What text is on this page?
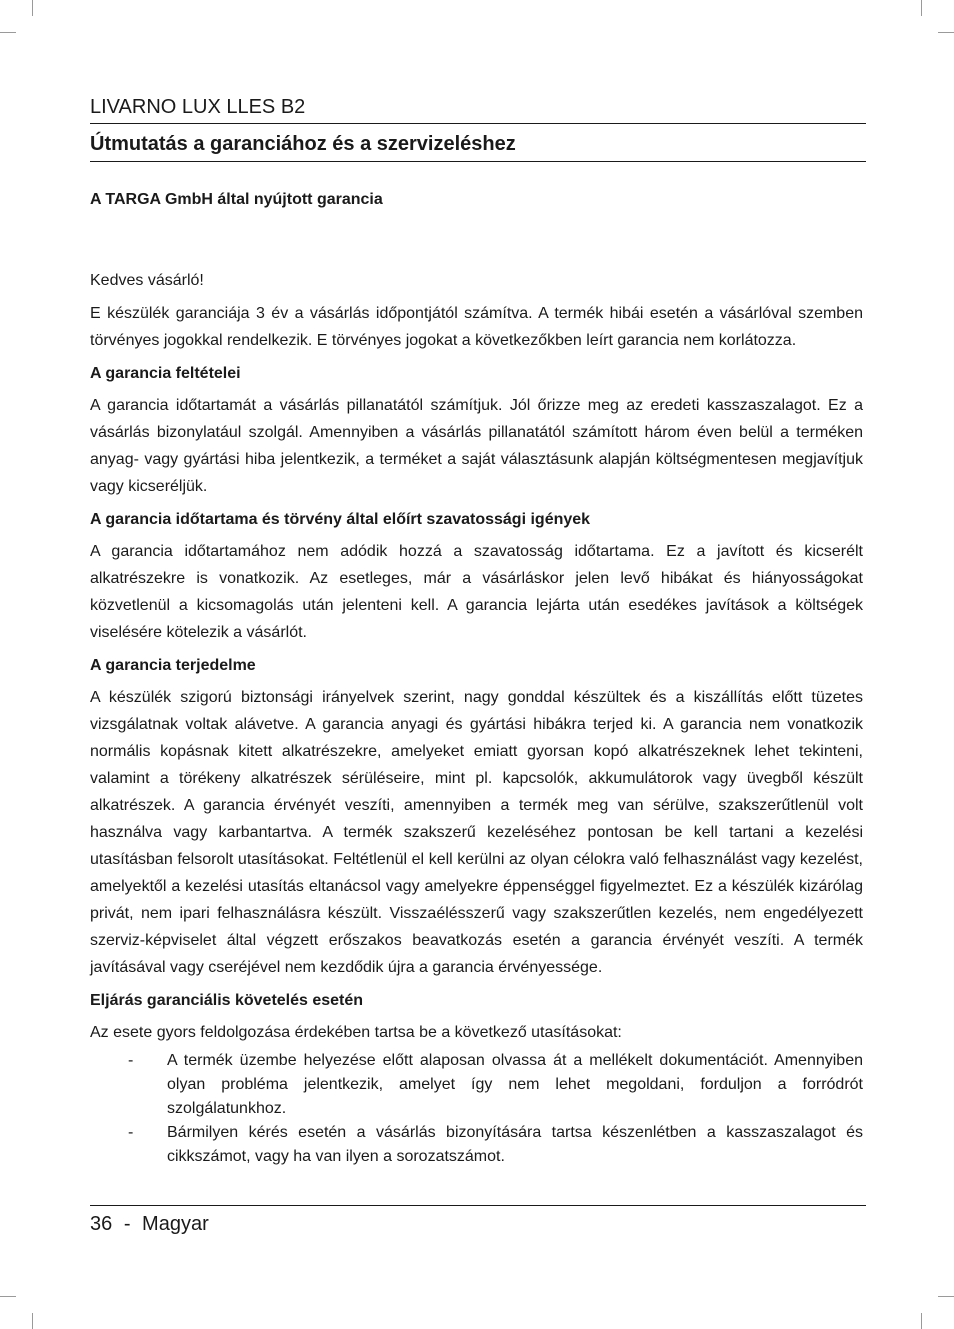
LIVARNO LUX LLES B2
Útmutatás a garanciához és a szervizeléshez
A TARGA GmbH által nyújtott garancia

Kedves vásárló!

E készülék garanciája 3 év a vásárlás időpontjától számítva. A termék hibái esetén a vásárlóval szemben törvényes jogokkal rendelkezik. E törvényes jogokat a következőkben leírt garancia nem korlátozza.

A garancia feltételei

A garancia időtartamát a vásárlás pillanatától számítjuk. Jól őrizze meg az eredeti kasszaszalagot. Ez a vásárlás bizonylatául szolgál. Amennyiben a vásárlás pillanatától számított három éven belül a terméken anyag- vagy gyártási hiba jelentkezik, a terméket a saját választásunk alapján költségmentesen megjavítjuk vagy kicseréljük.

A garancia időtartama és törvény által előírt szavatossági igények

A garancia időtartamához nem adódik hozzá a szavatosság időtartama. Ez a javított és kicserélt alkatrészekre is vonatkozik. Az esetleges, már a vásárláskor jelen levő hibákat és hiányosságokat közvetlenül a kicsomagolás után jelenteni kell. A garancia lejárta után esedékes javítások a költségek viselésére kötelezik a vásárlót.

A garancia terjedelme

A készülék szigorú biztonsági irányelvek szerint, nagy gonddal készültek és a kiszállítás előtt tüzetes vizsgálatnak voltak alávetve. A garancia anyagi és gyártási hibákra terjed ki. A garancia nem vonatkozik normális kopásnak kitett alkatrészekre, amelyeket emiatt gyorsan kopó alkatrészeknek lehet tekinteni, valamint a törékeny alkatrészek sérüléseire, mint pl. kapcsolók, akkumulátorok vagy üvegből készült alkatrészek. A garancia érvényét veszíti, amennyiben a termék meg van sérülve, szakszerűtlenül volt használva vagy karbantartva. A termék szakszerű kezeléséhez pontosan be kell tartani a kezelési utasításban felsorolt utasításokat. Feltétlenül el kell kerülni az olyan célokra való felhasználást vagy kezelést, amelyektől a kezelési utasítás eltanácsol vagy amelyekre éppenséggel figyelmeztet. Ez a készülék kizárólag privát, nem ipari felhasználásra készült. Visszaélésszerű vagy szakszerűtlen kezelés, nem engedélyezett szerviz-képviselet által végzett erőszakos beavatkozás esetén a garancia érvényét veszíti. A termék javításával vagy cseréjével nem kezdődik újra a garancia érvényessége.

Eljárás garanciális követelés esetén

Az esete gyors feldolgozása érdekében tartsa be a következő utasításokat:

- A termék üzembe helyezése előtt alaposan olvassa át a mellékelt dokumentációt. Amennyiben olyan probléma jelentkezik, amelyet így nem lehet megoldani, forduljon a forródrót szolgálatunkhoz.
- Bármilyen kérés esetén a vásárlás bizonyítására tartsa készenlétben a kasszaszalagot és cikkszámot, vagy ha van ilyen a sorozatszámot.
36 - Magyar
